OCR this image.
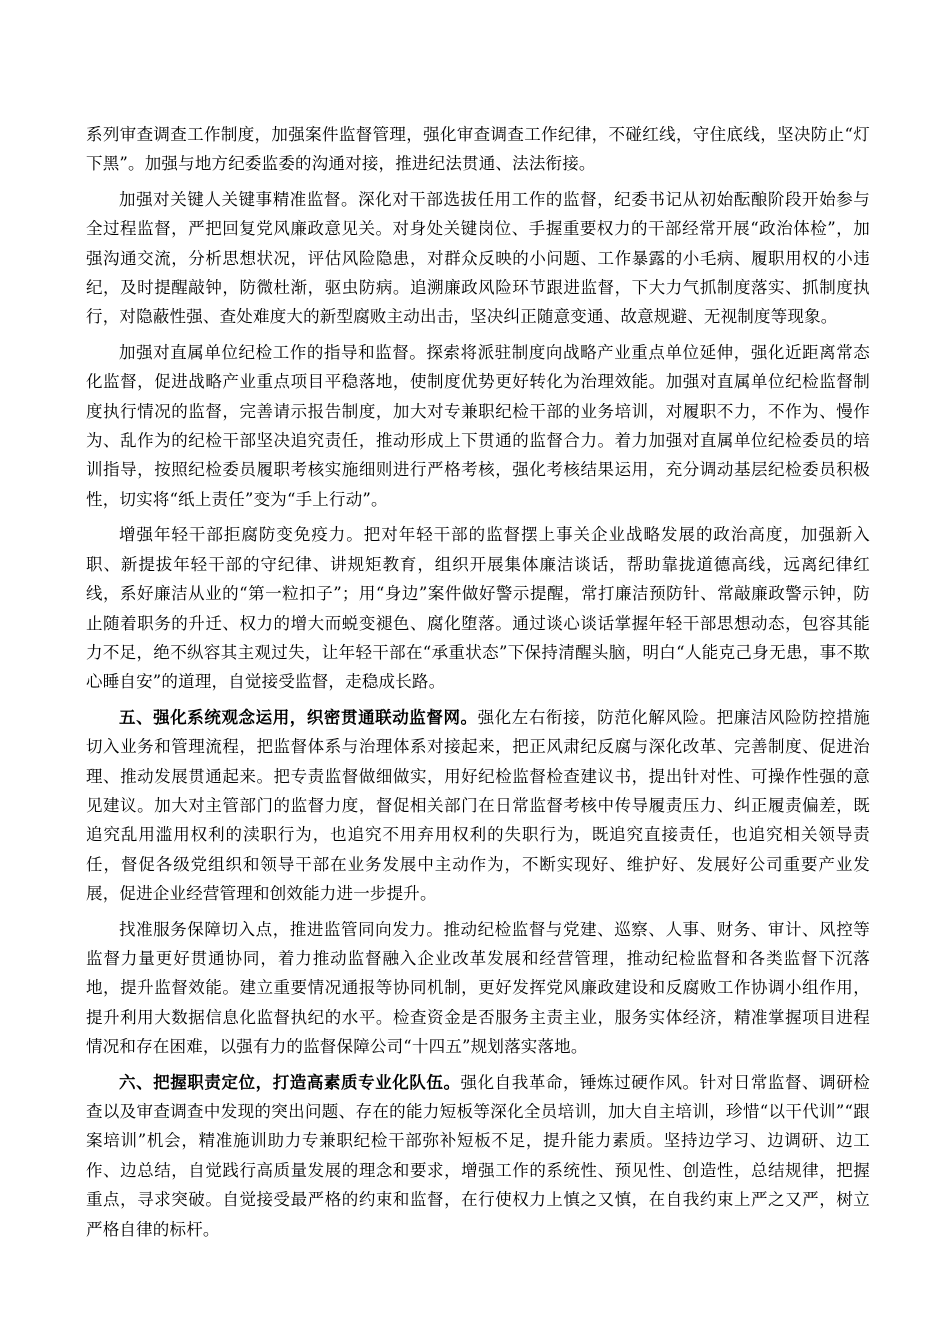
系列审查调查工作制度，加强案件监督管理，强化审查调查工作纪律，不碰红线，守住底线，坚决防止“灯下黑”。加强与地方纪委监委的沟通对接，推进纪法贯通、法法衔接。

加强对关键人关键事精准监督。深化对干部选拔任用工作的监督，纪委书记从初始酝酿阶段开始参与全过程监督，严把回复党风廉政意见关。对身处关键岗位、手握重要权力的干部经常开展“政治体检”，加强沟通交流，分析思想状况，评估风险隐患，对群众反映的小问题、工作暴露的小毛病、履职用权的小违纪，及时提醒敲钟，防微杜渐，驱虫防病。追溯廉政风险环节跟进监督，下大力气抓制度落实、抓制度执行，对隐蔽性强、查处难度大的新型腐败主动出击，坚决纠正随意变通、故意规避、无视制度等现象。

加强对直属单位纪检工作的指导和监督。探索将派驻制度向战略产业重点单位延伸，强化近距离常态化监督，促进战略产业重点项目平稳落地，使制度优势更好转化为治理效能。加强对直属单位纪检监督制度执行情况的监督，完善请示报告制度，加大对专兼职纪检干部的业务培训，对履职不力，不作为、慢作为、乱作为的纪检干部坚决追究责任，推动形成上下贯通的监督合力。着力加强对直属单位纪检委员的培训指导，按照纪检委员履职考核实施细则进行严格考核，强化考核结果运用，充分调动基层纪检委员积极性，切实将“纸上责任”变为“手上行动”。

增强年轻干部拒腐防变免疫力。把对年轻干部的监督摆上事关企业战略发展的政治高度，加强新入职、新提拔年轻干部的守纪律、讲规矩教育，组织开展集体廉洁谈话，帮助靠拢道德高线，远离纪律红线，系好廉洁从业的“第一粒扣子”；用“身边”案件做好警示提醒，常打廉洁预防针、常敲廉政警示钟，防止随着职务的升迁、权力的增大而蜕变褪色、腐化堕落。通过谈心谈话掌握年轻干部思想动态，包容其能力不足，绝不纵容其主观过失，让年轻干部在“承重状态”下保持清醒头脑，明白“人能克己身无患，事不欺心睡自安”的道理，自觉接受监督，走稳成长路。

五、强化系统观念运用，织密贯通联动监督网。强化左右衔接，防范化解风险。把廉洁风险防控措施切入业务和管理流程，把监督体系与治理体系对接起来，把正风肃纪反腐与深化改革、完善制度、促进治理、推动发展贯通起来。把专责监督做细做实，用好纪检监督检查建议书，提出针对性、可操作性强的意见建议。加大对主管部门的监督力度，督促相关部门在日常监督考核中传导履责压力、纠正履责偏差，既追究乱用滥用权利的渎职行为，也追究不用弃用权利的失职行为，既追究直接责任，也追究相关领导责任，督促各级党组织和领导干部在业务发展中主动作为，不断实现好、维护好、发展好公司重要产业发展，促进企业经营管理和创效能力进一步提升。

找准服务保障切入点，推进监管同向发力。推动纪检监督与党建、巡察、人事、财务、审计、风控等监督力量更好贯通协同，着力推动监督融入企业改革发展和经营管理，推动纪检监督和各类监督下沉落地，提升监督效能。建立重要情况通报等协同机制，更好发挥党风廉政建设和反腐败工作协调小组作用，提升利用大数据信息化监督执纪的水平。检查资金是否服务主责主业，服务实体经济，精准掌握项目进程情况和存在困难，以强有力的监督保障公司“十四五”规划落实落地。

六、把握职责定位，打造高素质专业化队伍。强化自我革命，锤炼过硬作风。针对日常监督、调研检查以及审查调查中发现的突出问题、存在的能力短板等深化全员培训，加大自主培训，珍惜“以干代训”“跟案培训”机会，精准施训助力专兼职纪检干部弥补短板不足，提升能力素质。坚持边学习、边调研、边工作、边总结，自觉践行高质量发展的理念和要求，增强工作的系统性、预见性、创造性，总结规律，把握重点，寻求突破。自觉接受最严格的约束和监督，在行使权力上慎之又慎，在自我约束上严之又严，树立严格自律的标杆。
